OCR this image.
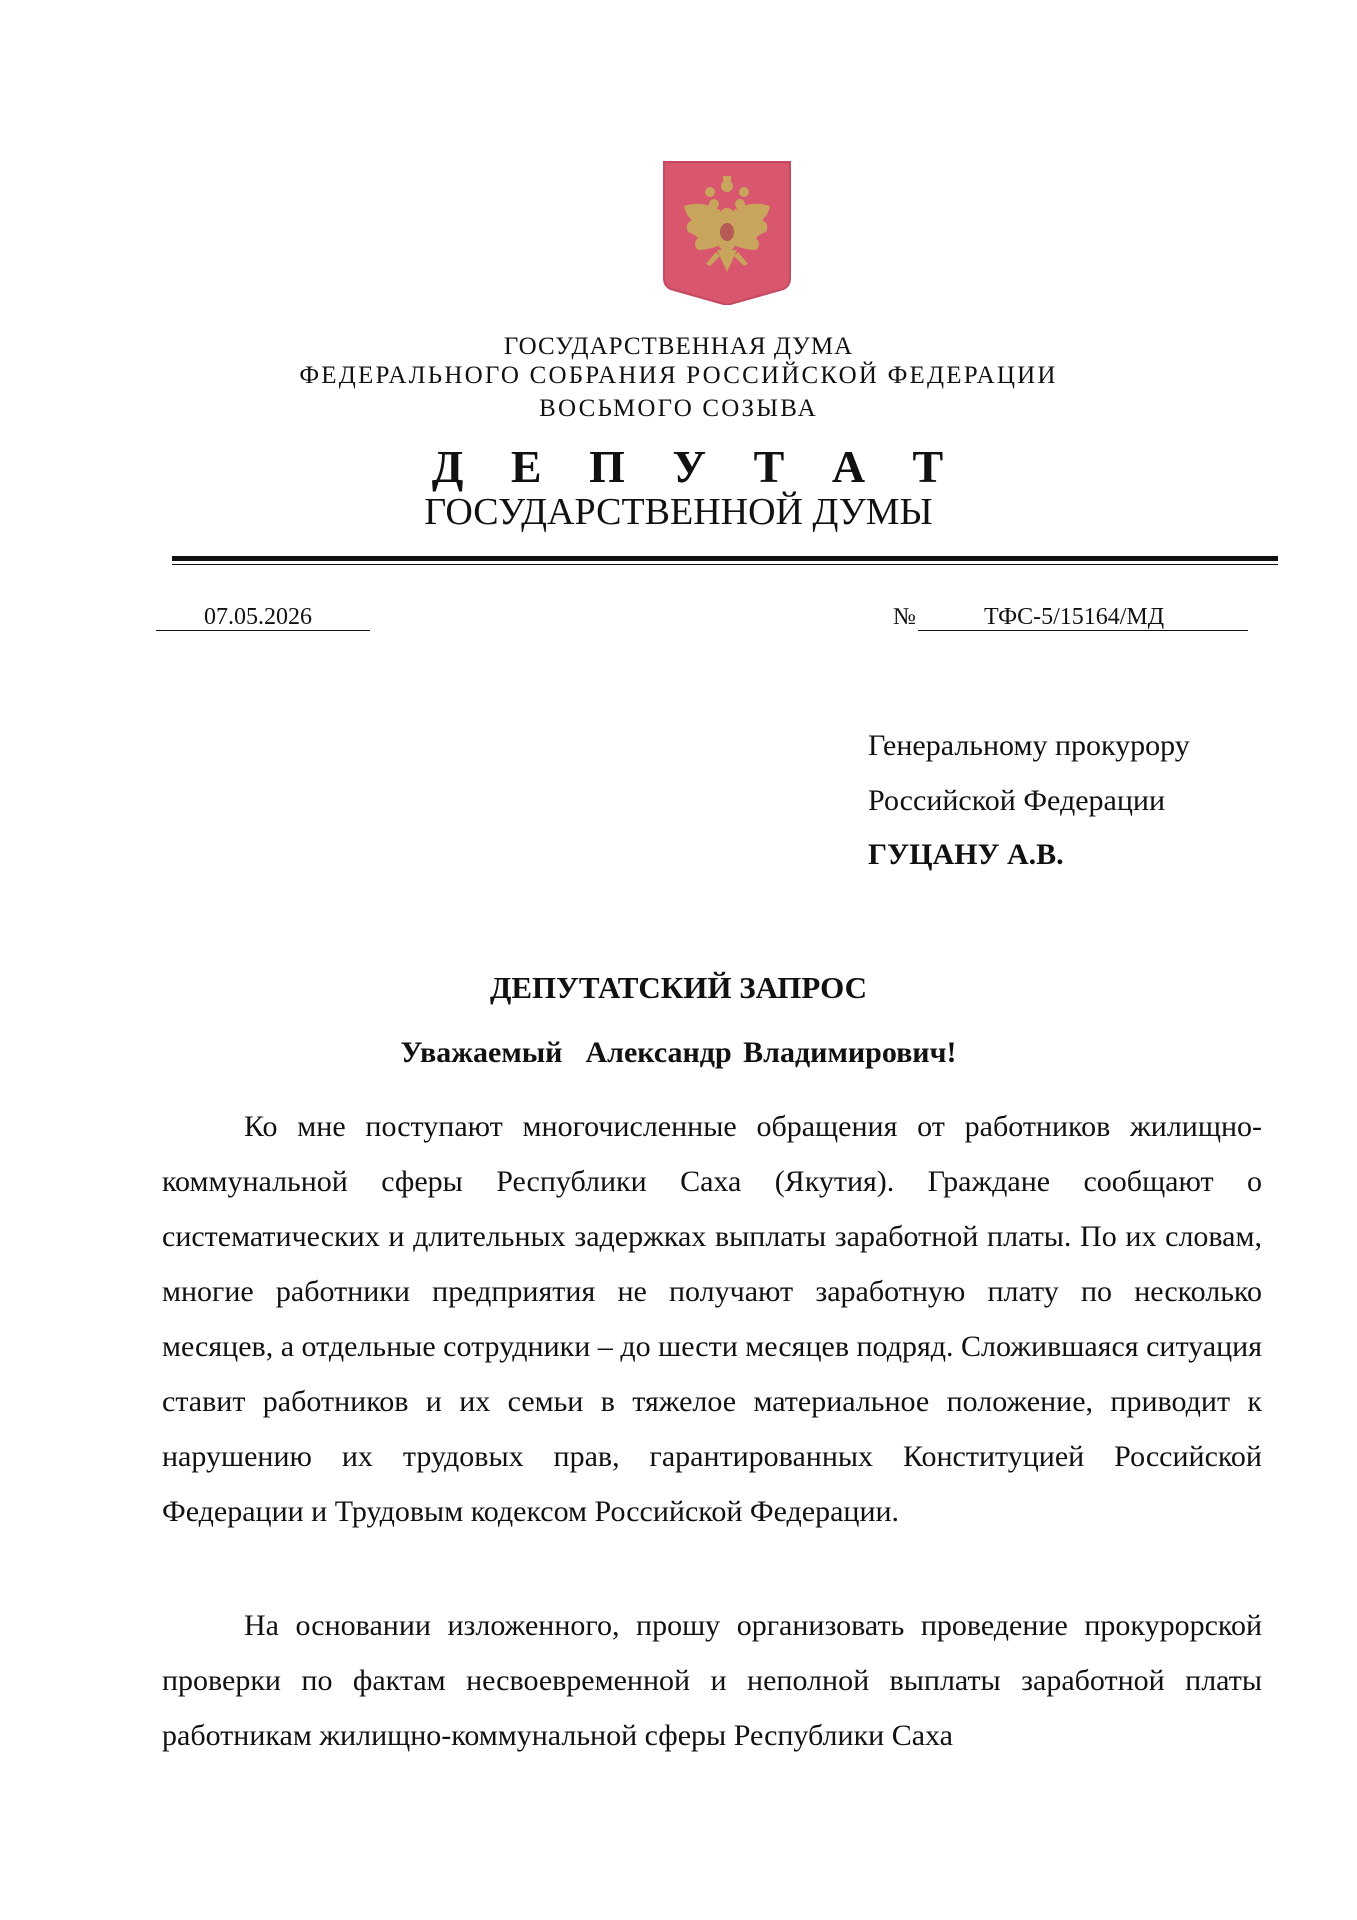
ГОСУДАРСТВЕННАЯ ДУМА
ФЕДЕРАЛЬНОГО СОБРАНИЯ РОССИЙСКОЙ ФЕДЕРАЦИИ
ВОСЬМОГО СОЗЫВА
Д Е П У Т А Т
ГОСУДАРСТВЕННОЙ ДУМЫ
07.05.2026	№	ТФС-5/15164/МД
Генеральному прокурору
Российской Федерации
ГУЦАНУ А.В.
ДЕПУТАТСКИЙ ЗАПРОС
Уважаемый  Александр Владимирович!

Ко мне поступают многочисленные обращения от работников жилищно-коммунальной сферы Республики Саха (Якутия). Граждане сообщают о систематических и длительных задержках выплаты заработной платы. По их словам, многие работники предприятия не получают заработную плату по несколько месяцев, а отдельные сотрудники – до шести месяцев подряд. Сложившаяся ситуация ставит работников и их семьи в тяжелое материальное положение, приводит к нарушению их трудовых прав, гарантированных Конституцией Российской Федерации и Трудовым кодексом Российской Федерации.

На основании изложенного, прошу организовать проведение прокурорской проверки по фактам несвоевременной и неполной выплаты заработной платы работникам жилищно-коммунальной сферы Республики Саха
